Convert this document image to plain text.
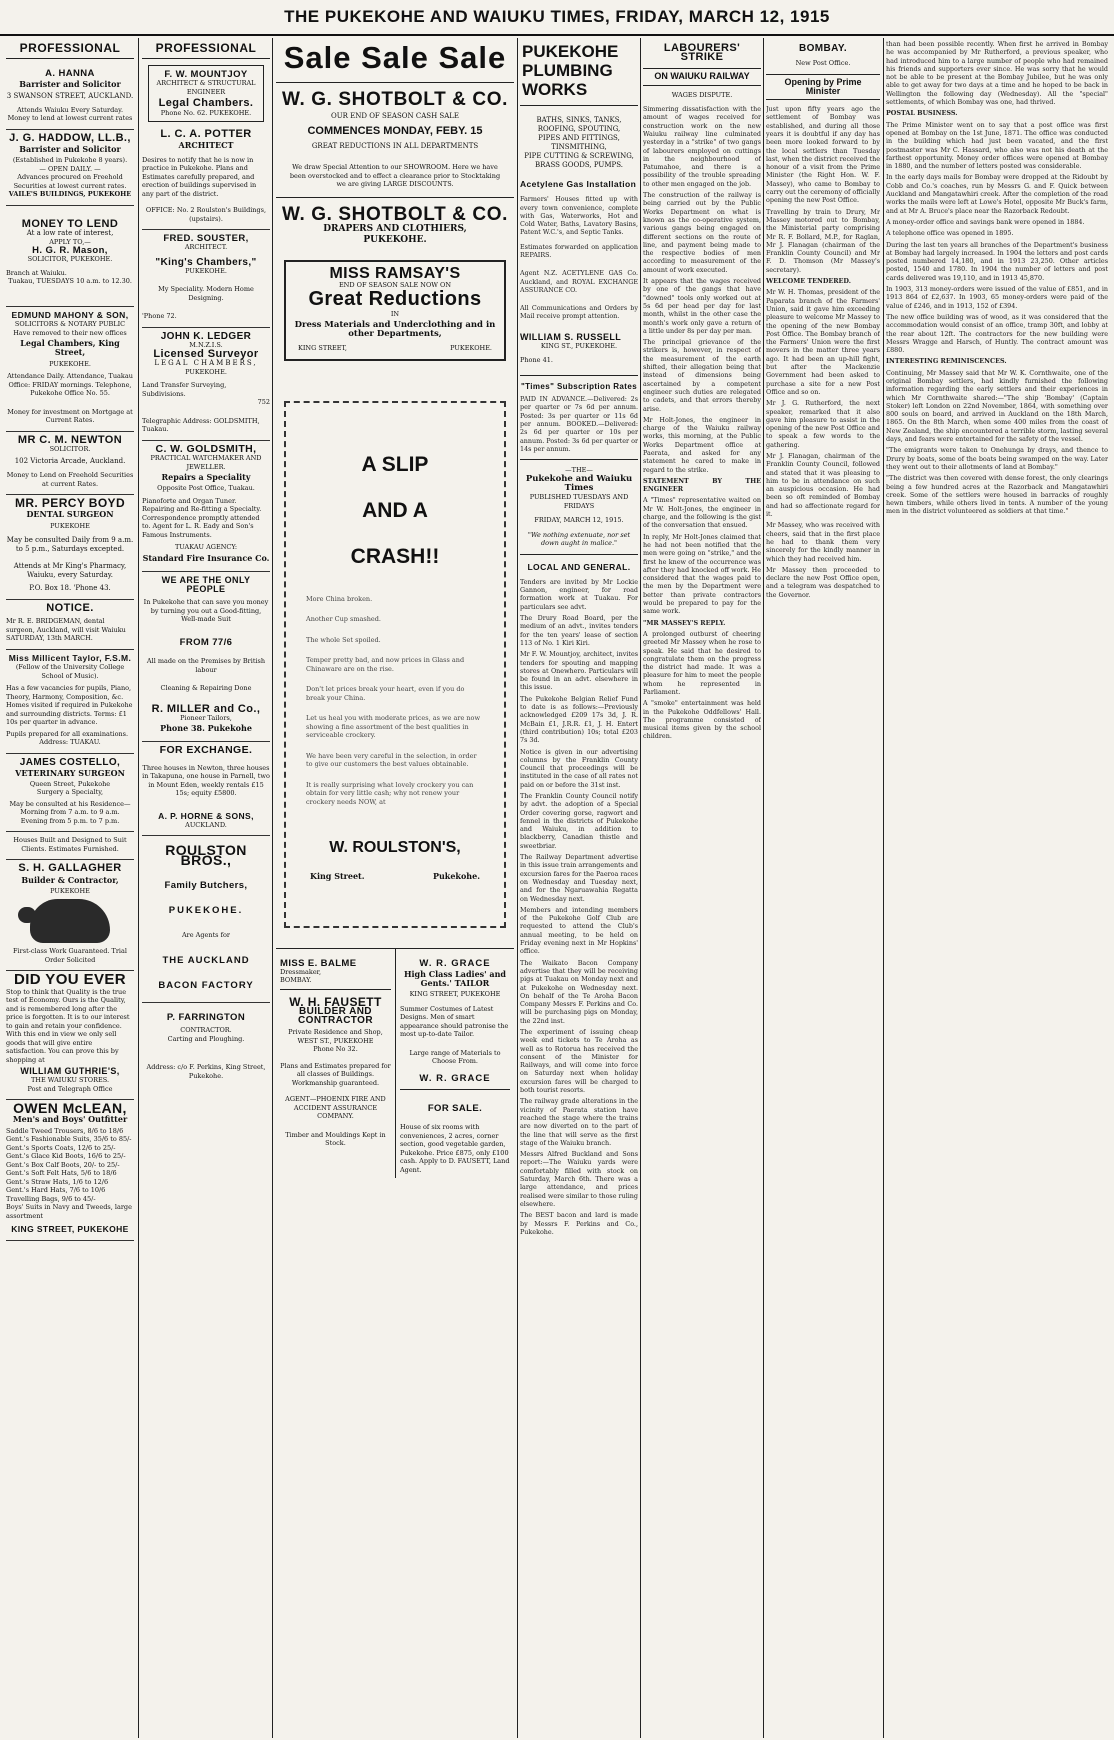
THE PUKEKOHE AND WAIUKU TIMES, FRIDAY, MARCH 12, 1915
PROFESSIONAL
A. HANNA
Barrister and Solicitor
3 SWANSON STREET, AUCKLAND.
Attends Waiuku Every Saturday. Money to lend at lowest current rates
J. G. HADDOW, LL.B.,
Barrister and Solicitor
(Established in Pukekohe 8 years).
— OPEN DAILY. —
Advances procured on Freehold Securities at lowest current rates.
VAILE'S BUILDINGS, PUKEKOHE
MONEY TO LEND
At a low rate of interest,
APPLY TO,—
H. G. R. Mason,
SOLICITOR, PUKEKOHE.
Branch at Waiuku.
Tuakau, TUESDAYS 10 a.m. to 12.30.
EDMUND MAHONY & SON,
SOLICITORS & NOTARY PUBLIC
Have removed to their new offices
Legal Chambers, King Street,
PUKEKOHE.
Attendance Daily. Attendance, Tuakau Office: FRIDAY mornings. Telephone, Pukekohe Office No. 55.
Money for investment on Mortgage at Current Rates.
MR C. M. NEWTON
SOLICITOR.
102 Victoria Arcade, Auckland.
Money to Lend on Freehold Securities at current Rates.
MR. PERCY BOYD
DENTAL SURGEON
PUKEKOHE
May be consulted Daily from 9 a.m. to 5 p.m., Saturdays excepted.
Attends at Mr King's Pharmacy, Waiuku, every Saturday.
P.O. Box 18. 'Phone 43.
NOTICE.
Mr R. E. BRIDGEMAN, dental surgeon, Auckland, will visit Waiuku SATURDAY, 13th MARCH.
Miss Millicent Taylor, F.S.M.
(Fellow of the University College School of Music).
Has a few vacancies for pupils, Piano, Theory, Harmony, Composition, &c. Homes visited if required in Pukekohe and surrounding districts. Terms: £1 10s per quarter in advance.
Pupils prepared for all examinations.
Address: TUAKAU.
JAMES COSTELLO,
VETERINARY SURGEON
Queen Street, Pukekohe
Surgery a Specialty,
May be consulted at his Residence— Morning from 7 a.m. to 9 a.m. Evening from 5 p.m. to 7 p.m.
Houses Built and Designed to Suit Clients. Estimates Furnished.
S. H. GALLAGHER
Builder & Contractor,
PUKEKOHE
First-class Work Guaranteed. Trial Order Solicited
DID YOU EVER
Stop to think that Quality is the true test of Economy. Ours is the Quality, and is remembered long after the price is forgotten. It is to our interest to gain and retain your confidence. With this end in view we only sell goods that will give entire satisfaction. You can prove this by shopping at
WILLIAM GUTHRIE'S,
THE WAIUKU STORES.
Post and Telegraph Office
OWEN McLEAN,
Men's and Boys' Outfitter
Saddle Tweed Trousers, 8/6 to 18/6
Gent.'s Fashionable Suits, 35/6 to 85/-
Gent.'s Sports Coats, 12/6 to 25/-
Gent.'s Glace Kid Boots, 16/6 to 25/-
Gent.'s Box Calf Boots, 20/- to 25/-
Gent.'s Soft Felt Hats, 5/6 to 18/6
Gent.'s Straw Hats, 1/6 to 12/6
Gent.'s Hard Hats, 7/6 to 10/6
Travelling Bags, 9/6 to 45/-
Boys' Suits in Navy and Tweeds, large assortment
KING STREET, PUKEKOHE
PROFESSIONAL
F. W. MOUNTJOY
ARCHITECT & STRUCTURAL ENGINEER
Legal Chambers.
Phone No. 62. PUKEKOHE.
L. C. A. POTTER
ARCHITECT
Desires to notify that he is now in practice in Pukekohe. Plans and Estimates carefully prepared, and erection of buildings supervised in any part of the district.
OFFICE: No. 2 Roulston's Buildings, (upstairs).
FRED. SOUSTER,
ARCHITECT.
"King's Chambers,"
PUKEKOHE.
My Speciality. Modern Home Designing.
'Phone 72.
JOHN K. LEDGER
M.N.Z.I.S.
Licensed Surveyor
LEGAL CHAMBERS,
PUKEKOHE.
Land Transfer Surveying, Subdivisions.
752
Telegraphic Address: GOLDSMITH, Tuakau.
C. W. GOLDSMITH,
PRACTICAL WATCHMAKER AND JEWELLER.
Repairs a Speciality
Opposite Post Office, Tuakau.
Pianoforte and Organ Tuner. Repairing and Re-fitting a Specialty. Correspondence promptly attended to. Agent for L. R. Eady and Son's Famous Instruments.
TUAKAU AGENCY:
Standard Fire Insurance Co.
WE ARE THE ONLY PEOPLE
In Pukekohe that can save you money by turning you out a Good-fitting, Well-made Suit
FROM 77/6
All made on the Premises by British labour
Cleaning & Repairing Done
R. MILLER and Co.,
Pioneer Tailors,
Phone 38. Pukekohe
FOR EXCHANGE.
Three houses in Newton, three houses in Takapuna, one house in Parnell, two in Mount Eden, weekly rentals £15 15s; equity £5800.
A. P. HORNE & SONS,
AUCKLAND.
ROULSTON BROS.,
Family Butchers,
PUKEKOHE.
Are Agents for
THE AUCKLAND
BACON FACTORY
P. FARRINGTON
CONTRACTOR.
Carting and Ploughing.
Address: c/o F. Perkins, King Street, Pukekohe.
Sale Sale Sale
W. G. SHOTBOLT & CO.
OUR END OF SEASON CASH SALE
COMMENCES MONDAY, FEBY. 15
GREAT REDUCTIONS IN ALL DEPARTMENTS
We draw Special Attention to our SHOWROOM. Here we have been overstocked and to effect a clearance prior to Stocktaking we are giving LARGE DISCOUNTS.
W. G. SHOTBOLT & CO.
DRAPERS AND CLOTHIERS,
PUKEKOHE.
MISS RAMSAY'S
END OF SEASON SALE NOW ON
Great Reductions
IN
Dress Materials and Underclothing and in other Departments,
KING STREET,	PUKEKOHE.
A SLIP
AND A
CRASH!!
More China broken.
Another Cup smashed.
The whole Set spoiled.
Temper pretty bad, and now prices in Glass and Chinaware are on the rise.
Don't let prices break your heart, even if you do break your China.
Let us heal you with moderate prices, as we are now showing a fine assortment of the best qualities in serviceable crockery.
We have been very careful in the selection, in order to give our customers the best values obtainable.
It is really surprising what lovely crockery you can obtain for very little cash; why not renew your crockery needs NOW, at
W. ROULSTON'S,
King Street.	Pukekohe.
MISS E. BALME
Dressmaker,
BOMBAY.
W. H. FAUSETT
BUILDER AND CONTRACTOR
Private Residence and Shop,
WEST ST., PUKEKOHE
Phone No 32.
Plans and Estimates prepared for all classes of Buildings. Workmanship guaranteed.
AGENT—PHOENIX FIRE AND ACCIDENT ASSURANCE COMPANY.
Timber and Mouldings Kept in Stock.
W. R. GRACE
High Class Ladies' and Gents.' TAILOR
KING STREET, PUKEKOHE
Summer Costumes of Latest Designs. Men of smart appearance should patronise the most up-to-date Tailor.
Large range of Materials to Choose From.
W. R. GRACE
FOR SALE.
House of six rooms with conveniences, 2 acres, corner section, good vegetable garden, Pukekohe. Price £875, only £100 cash. Apply to D. FAUSETT, Land Agent.
PUKEKOHE PLUMBING WORKS
BATHS, SINKS, TANKS,
ROOFING, SPOUTING,
PIPES AND FITTINGS,
TINSMITHING,
PIPE CUTTING & SCREWING,
BRASS GOODS, PUMPS.
Acetylene Gas Installation
Farmers' Houses fitted up with every town convenience, complete with Gas, Waterworks, Hot and Cold Water, Baths, Lavatory Basins, Patent W.C.'s, and Septic Tanks.
Estimates forwarded on application REPAIRS.
Agent N.Z. ACETYLENE GAS Co. Auckland, and ROYAL EXCHANGE ASSURANCE CO.
All Communications and Orders by Mail receive prompt attention.
WILLIAM S. RUSSELL
KING ST., PUKEKOHE.
Phone 41.
"Times" Subscription Rates
PAID IN ADVANCE.—Delivered: 2s per quarter or 7s 6d per annum. Posted: 3s per quarter or 11s 6d per annum. BOOKED.—Delivered: 2s 6d per quarter or 10s per annum. Posted: 3s 6d per quarter or 14s per annum.
—THE—
Pukekohe and Waiuku Times
PUBLISHED TUESDAYS AND FRIDAYS
FRIDAY, MARCH 12, 1915.
"We nothing extenuate, nor set down aught in malice."
LOCAL AND GENERAL.
Tenders are invited by Mr Lockie Gannon, engineer, for road formation work at Tuakau. For particulars see advt.
The Drury Road Board, per the medium of an advt., invites tenders for the ten years' lease of section 113 of No. 1 Kiri Kiri.
Mr F. W. Mountjoy, architect, invites tenders for spouting and mapping stores at Onewhero. Particulars will be found in an advt. elsewhere in this issue.
The Pukekohe Belgian Relief Fund to date is as follows:—Previously acknowledged £209 17s 3d, J. R. McBain £1, J.R.R. £1, J. H. Entert (third contribution) 10s; total £203 7s 3d.
Notice is given in our advertising columns by the Franklin County Council that proceedings will be instituted in the case of all rates not paid on or before the 31st inst.
The Franklin County Council notify by advt. the adoption of a Special Order covering gorse, ragwort and fennel in the districts of Pukekohe and Waiuku, in addition to blackberry, Canadian thistle and sweetbriar.
The Railway Department advertise in this issue train arrangements and excursion fares for the Paeroa races on Wednesday and Tuesday next, and for the Ngaruawahia Regatta on Wednesday next.
Members and intending members of the Pukekohe Golf Club are requested to attend the Club's annual meeting, to be held on Friday evening next in Mr Hopkins' office.
The Waikato Bacon Company advertise that they will be receiving pigs at Tuakau on Monday next and at Pukekohe on Wednesday next. On behalf of the Te Aroha Bacon Company Messrs F. Perkins and Co. will be purchasing pigs on Monday, the 22nd inst.
The experiment of issuing cheap week end tickets to Te Aroha as well as to Rotorua has received the consent of the Minister for Railways, and will come into force on Saturday next when holiday excursion fares will be charged to both tourist resorts.
The railway grade alterations in the vicinity of Paerata station have reached the stage where the trains are now diverted on to the part of the line that will serve as the first stage of the Waiuku branch.
Messrs Alfred Buckland and Sons report:—The Waiuku yards were comfortably filled with stock on Saturday, March 6th. There was a large attendance, and prices realised were similar to those ruling elsewhere.
The BEST bacon and lard is made by Messrs F. Perkins and Co., Pukekohe.
LABOURERS' STRIKE
ON WAIUKU RAILWAY
WAGES DISPUTE.
Simmering dissatisfaction with the amount of wages received for construction work on the new Waiuku railway line culminated yesterday in a "strike" of two gangs of labourers employed on cuttings in the neighbourhood of Patumahoe, and there is a possibility of the trouble spreading to other men engaged on the job.
The construction of the railway is being carried out by the Public Works Department on what is known as the co-operative system, various gangs being engaged on different sections on the route of line, and payment being made to the respective bodies of men according to measurement of the amount of work executed.
It appears that the wages received by one of the gangs that have "downed" tools only worked out at 5s 6d per head per day for last month, whilst in the other case the month's work only gave a return of a little under 8s per day per man.
The principal grievance of the strikers is, however, in respect of the measurement of the earth shifted, their allegation being that instead of dimensions being ascertained by a competent engineer such duties are relegated to cadets, and that errors thereby arise.
Mr Holt-Jones, the engineer in charge of the Waiuku railway works, this morning, at the Public Works Department office at Paerata, and asked for any statement he cared to make in regard to the strike.
STATEMENT BY THE ENGINEER
A "Times" representative waited on Mr W. Holt-Jones, the engineer in charge, and the following is the gist of the conversation that ensued.
In reply, Mr Holt-Jones claimed that he had not been notified that the men were going on "strike," and the first he knew of the occurrence was after they had knocked off work. He considered that the wages paid to the men by the Department were better than private contractors would be prepared to pay for the same work.
"MR MASSEY'S REPLY.
A prolonged outburst of cheering greeted Mr Massey when he rose to speak. He said that he desired to congratulate them on the progress the district had made. It was a pleasure for him to meet the people whom he represented in Parliament.
A "smoke" entertainment was held in the Pukekohe Oddfellows' Hall. The programme consisted of musical items given by the school children.
BOMBAY.
New Post Office.
Opening by Prime Minister
Just upon fifty years ago the settlement of Bombay was established, and during all those years it is doubtful if any day has been more looked forward to by the local settlers than Tuesday last, when the district received the honour of a visit from the Prime Minister (the Right Hon. W. F. Massey), who came to Bombay to carry out the ceremony of officially opening the new Post Office.
Travelling by train to Drury, Mr Massey motored out to Bombay, the Ministerial party comprising Mr R. F. Bollard, M.P., for Raglan, Mr J. Flanagan (chairman of the Franklin County Council) and Mr F. D. Thomson (Mr Massey's secretary).
WELCOME TENDERED.
Mr W. H. Thomas, president of the Paparata branch of the Farmers' Union, said it gave him exceeding pleasure to welcome Mr Massey to the opening of the new Bombay Post Office. The Bombay branch of the Farmers' Union were the first movers in the matter three years ago. It had been an up-hill fight, but after the Mackenzie Government had been asked to purchase a site for a new Post Office and so on.
Mr J. G. Rutherford, the next speaker, remarked that it also gave him pleasure to assist in the opening of the new Post Office and to speak a few words to the gathering.
Mr J. Flanagan, chairman of the Franklin County Council, followed and stated that it was pleasing to him to be in attendance on such an auspicious occasion. He had been so oft reminded of Bombay and had so affectionate regard for it.
Mr Massey, who was received with cheers, said that in the first place he had to thank them very sincerely for the kindly manner in which they had received him.
Mr Massey then proceeded to declare the new Post Office open, and a telegram was despatched to the Governor.
than had been possible recently. When first he arrived in Bombay he was accompanied by Mr Rutherford, a previous speaker, who had introduced him to a large number of people who had remained his friends and supporters ever since. He was sorry that he would not be able to be present at the Bombay Jubilee, but he was only able to get away for two days at a time and he hoped to be back in Wellington the following day (Wednesday). All the "special" settlements, of which Bombay was one, had thrived.
POSTAL BUSINESS.
The Prime Minister went on to say that a post office was first opened at Bombay on the 1st June, 1871. The office was conducted in the building which had just been vacated, and the first postmaster was Mr C. Hassard, who also was not his death at the farthest opportunity. Money order offices were opened at Bombay in 1880, and the number of letters posted was considerable.
In the early days mails for Bombay were dropped at the Ridoubt by Cobb and Co.'s coaches, run by Messrs G. and F. Quick between Auckland and Mangatawhiri creek. After the completion of the road works the mails were left at Lowe's Hotel, opposite Mr Buck's farm, and at Mr A. Bruce's place near the Razorback Redoubt.
A money-order office and savings bank were opened in 1884.
A telephone office was opened in 1895.
During the last ten years all branches of the Department's business at Bombay had largely increased. In 1904 the letters and post cards posted numbered 14,180, and in 1913 23,250. Other articles posted, 1540 and 1780. In 1904 the number of letters and post cards delivered was 19,110, and in 1913 45,870.
In 1903, 313 money-orders were issued of the value of £851, and in 1913 864 of £2,637. In 1903, 65 money-orders were paid of the value of £246, and in 1913, 152 of £394.
The new office building was of wood, as it was considered that the accommodation would consist of an office, tramp 30ft, and lobby at the rear about 12ft. The contractors for the new building were Messrs Wragge and Harsch, of Huntly. The contract amount was £880.
INTERESTING REMINISCENCES.
Continuing, Mr Massey said that Mr W. K. Cornthwaite, one of the original Bombay settlers, had kindly furnished the following information regarding the early settlers and their experiences in which Mr Cornthwaite shared:—"The ship 'Bombay' (Captain Stoker) left London on 22nd November, 1864, with something over 800 souls on board, and arrived in Auckland on the 18th March, 1865. On the 8th March, when some 400 miles from the coast of New Zealand, the ship encountered a terrible storm, lasting several days, and fears were entertained for the safety of the vessel.
"The emigrants were taken to Onehunga by drays, and thence to Drury by boats, some of the boats being swamped on the way. Later they went out to their allotments of land at Bombay."
"The district was then covered with dense forest, the only clearings being a few hundred acres at the Razorback and Mangatawhiri creek. Some of the settlers were housed in barracks of roughly hewn timbers, while others lived in tents. A number of the young men in the district volunteered as soldiers at that time."
